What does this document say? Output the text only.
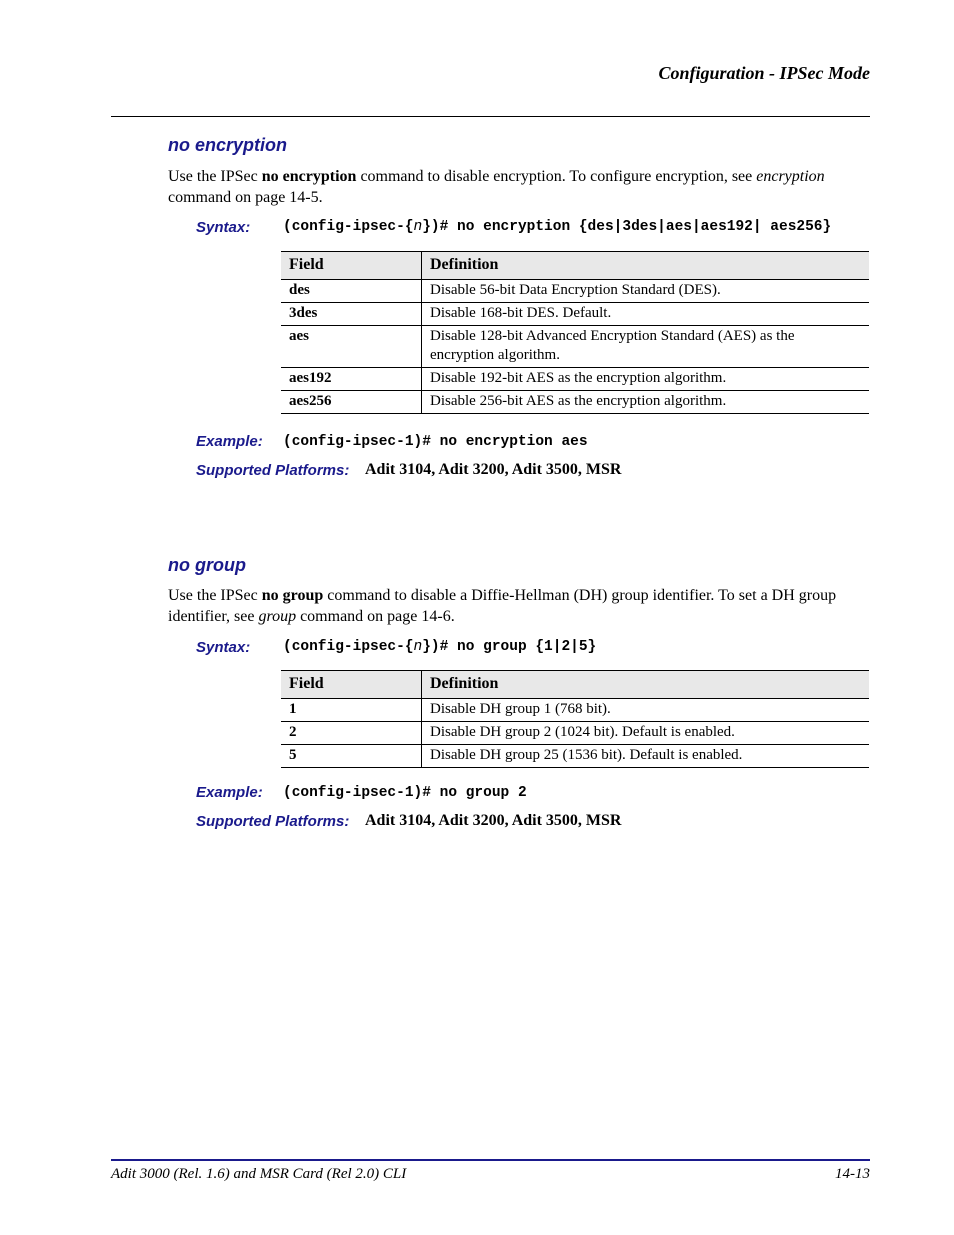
Configuration - IPSec Mode
no encryption
Use the IPSec no encryption command to disable encryption. To configure encryption, see encryption command on page 14-5.
Syntax: (config-ipsec-{n})# no encryption {des|3des|aes|aes192| aes256}
Field	Definition
des	Disable 56-bit Data Encryption Standard (DES).
3des	Disable 168-bit DES. Default.
aes	Disable 128-bit Advanced Encryption Standard (AES) as the encryption algorithm.
aes192	Disable 192-bit AES as the encryption algorithm.
aes256	Disable 256-bit AES as the encryption algorithm.
Example: (config-ipsec-1)# no encryption aes
Supported Platforms: Adit 3104, Adit 3200, Adit 3500, MSR
no group
Use the IPSec no group command to disable a Diffie-Hellman (DH) group identifier. To set a DH group identifier, see group command on page 14-6.
Syntax: (config-ipsec-{n})# no group {1|2|5}
Field	Definition
1	Disable DH group 1 (768 bit).
2	Disable DH group 2 (1024 bit). Default is enabled.
5	Disable DH group 25 (1536 bit). Default is enabled.
Example: (config-ipsec-1)# no group 2
Supported Platforms: Adit 3104, Adit 3200, Adit 3500, MSR
Adit 3000 (Rel. 1.6) and MSR Card (Rel 2.0) CLI	14-13
